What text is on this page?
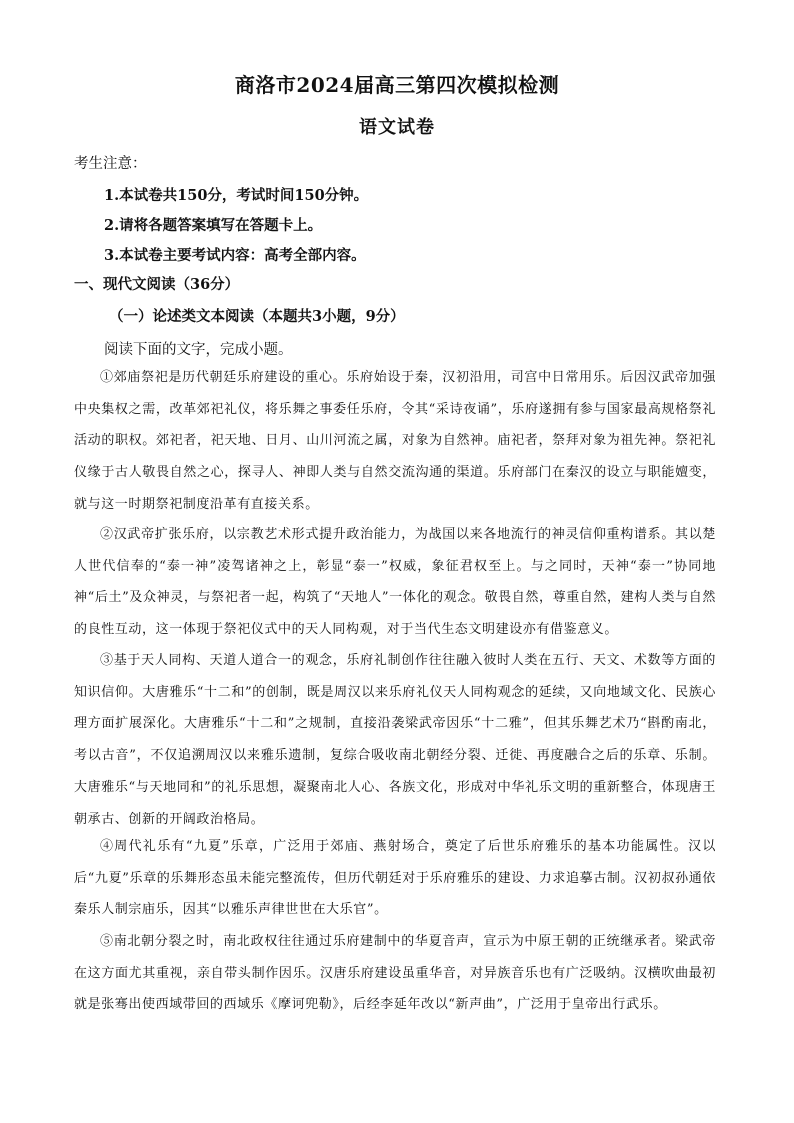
商洛市2024届高三第四次模拟检测
语文试卷
考生注意：
1.本试卷共150分，考试时间150分钟。
2.请将各题答案填写在答题卡上。
3.本试卷主要考试内容：高考全部内容。
一、现代文阅读（36分）
（一）论述类文本阅读（本题共3小题，9分）
阅读下面的文字，完成小题。

①郊庙祭祀是历代朝廷乐府建设的重心。乐府始设于秦，汉初沿用，司宫中日常用乐。后因汉武帝加强中央集权之需，改革郊祀礼仪，将乐舞之事委任乐府，令其“采诗夜诵”，乐府遂拥有参与国家最高规格祭礼活动的职权。郊祀者，祀天地、日月、山川河流之属，对象为自然神。庙祀者，祭拜对象为祖先神。祭祀礼仪缘于古人敬畏自然之心，探寻人、神即人类与自然交流沟通的渠道。乐府部门在秦汉的设立与职能嬗变，就与这一时期祭祀制度沿革有直接关系。

②汉武帝扩张乐府，以宗教艺术形式提升政治能力，为战国以来各地流行的神灵信仰重构谱系。其以楚人世代信奉的“泰一神”凌驾诸神之上，彰显“泰一”权威，象征君权至上。与之同时，天神“泰一”协同地神“后土”及众神灵，与祭祀者一起，构筑了“天地人”一体化的观念。敬畏自然，尊重自然，建构人类与自然的良性互动，这一体现于祭祀仪式中的天人同构观，对于当代生态文明建设亦有借鉴意义。

③基于天人同构、天道人道合一的观念，乐府礼制创作往往融入彼时人类在五行、天文、术数等方面的知识信仰。大唐雅乐“十二和”的创制，既是周汉以来乐府礼仪天人同构观念的延续，又向地域文化、民族心理方面扩展深化。大唐雅乐“十二和”之规制，直接沿袭梁武帝因乐“十二雅”，但其乐舞艺术乃“斟酌南北，考以古音”，不仅追溯周汉以来雅乐遗制，复综合吸收南北朝经分裂、迁徙、再度融合之后的乐章、乐制。大唐雅乐“与天地同和”的礼乐思想，凝聚南北人心、各族文化，形成对中华礼乐文明的重新整合，体现唐王朝承古、创新的开阔政治格局。

④周代礼乐有“九夏”乐章，广泛用于郊庙、燕射场合，奠定了后世乐府雅乐的基本功能属性。汉以后“九夏”乐章的乐舞形态虽未能完整流传，但历代朝廷对于乐府雅乐的建设、力求追摹古制。汉初叔孙通依秦乐人制宗庙乐，因其“以雅乐声律世世在大乐官”。

⑤南北朝分裂之时，南北政权往往通过乐府建制中的华夏音声，宣示为中原王朝的正统继承者。梁武帝在这方面尤其重视，亲自带头制作因乐。汉唐乐府建设虽重华音，对异族音乐也有广泛吸纳。汉横吹曲最初就是张骞出使西域带回的西域乐《摩诃兜勒》，后经李延年改以“新声曲”，广泛用于皇帝出行武乐。
